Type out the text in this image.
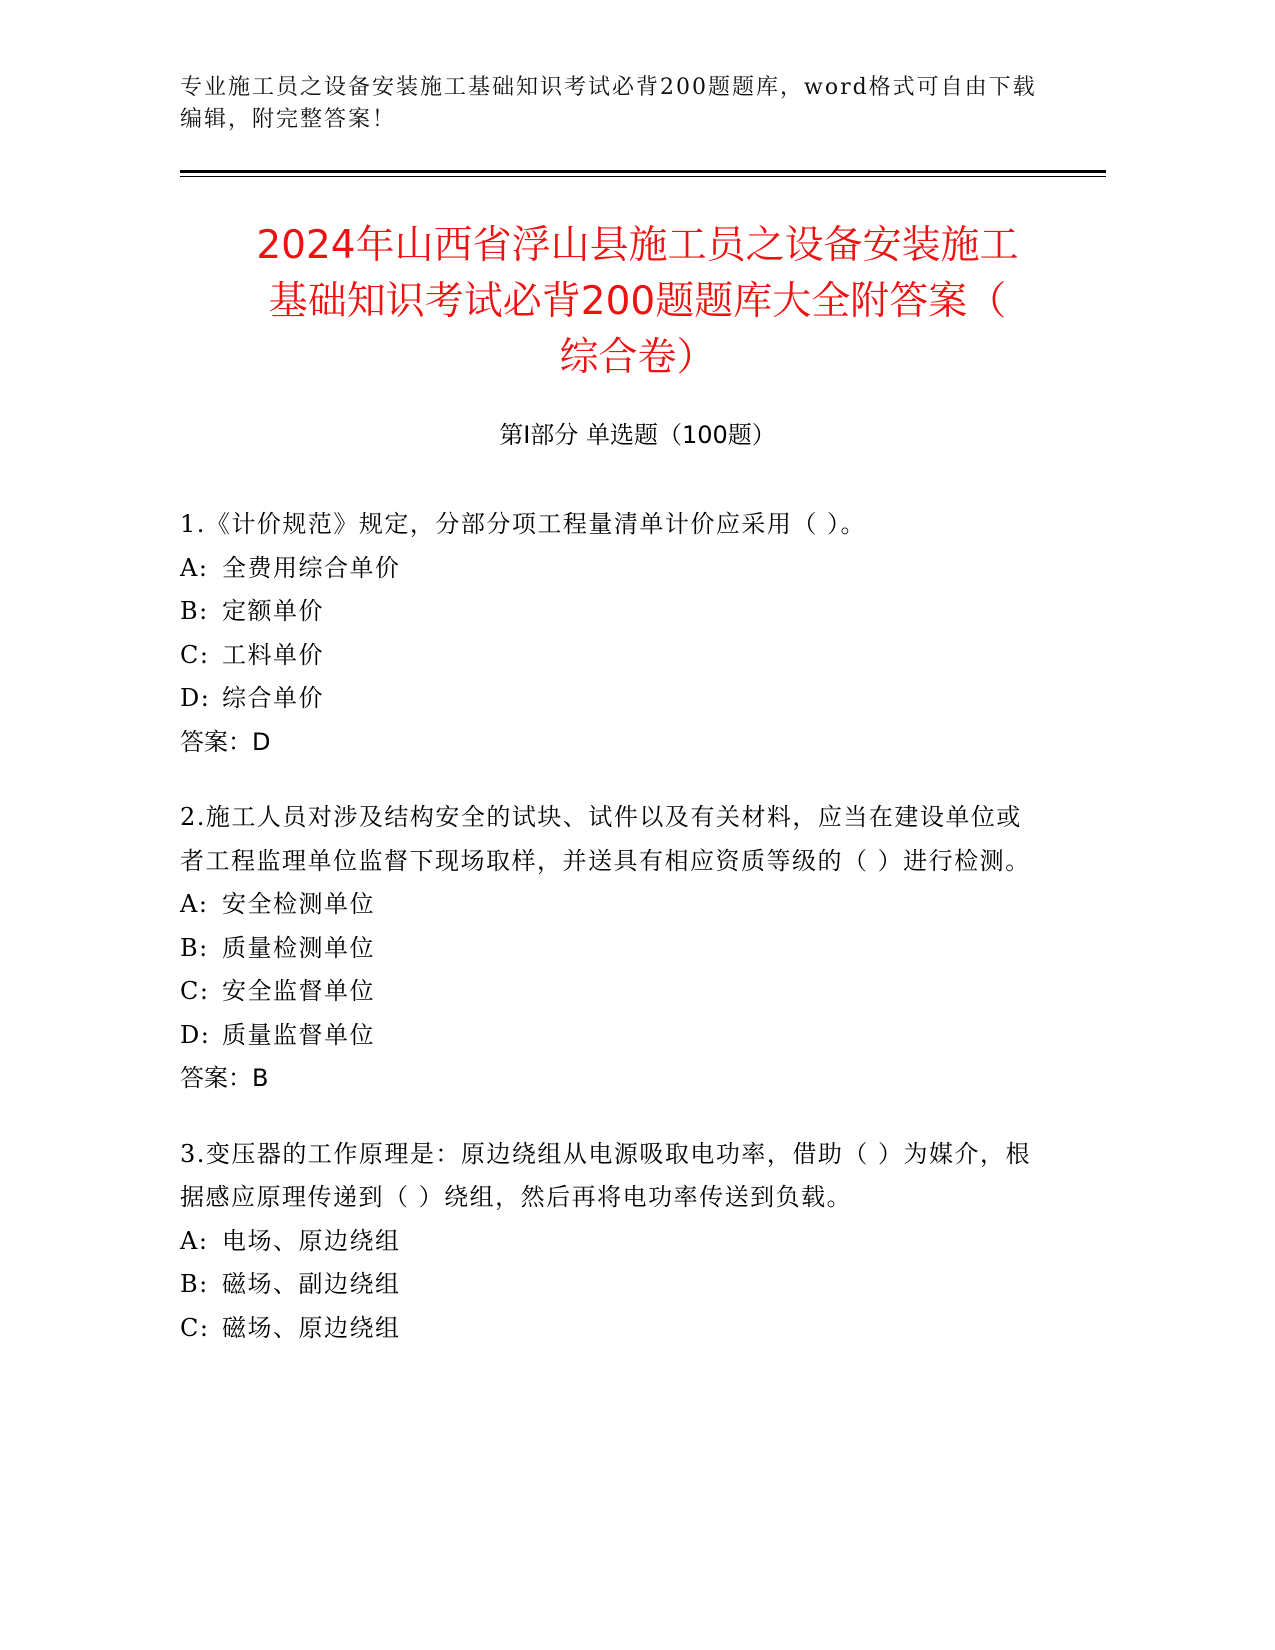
专业施工员之设备安装施工基础知识考试必背200题题库，word格式可自由下载编辑，附完整答案！
2024年山西省浮山县施工员之设备安装施工
基础知识考试必背200题题库大全附答案（
综合卷）
第Ⅰ部分 单选题（100题）
1.《计价规范》规定，分部分项工程量清单计价应采用（ ）。
A: 全费用综合单价
B: 定额单价
C: 工料单价
D: 综合单价
答案：D
2.施工人员对涉及结构安全的试块、试件以及有关材料，应当在建设单位或者工程监理单位监督下现场取样，并送具有相应资质等级的（ ）进行检测。
A: 安全检测单位
B: 质量检测单位
C: 安全监督单位
D: 质量监督单位
答案：B
3.变压器的工作原理是：原边绕组从电源吸取电功率，借助（ ）为媒介，根据感应原理传递到（ ）绕组，然后再将电功率传送到负载。
A: 电场、原边绕组
B: 磁场、副边绕组
C: 磁场、原边绕组
